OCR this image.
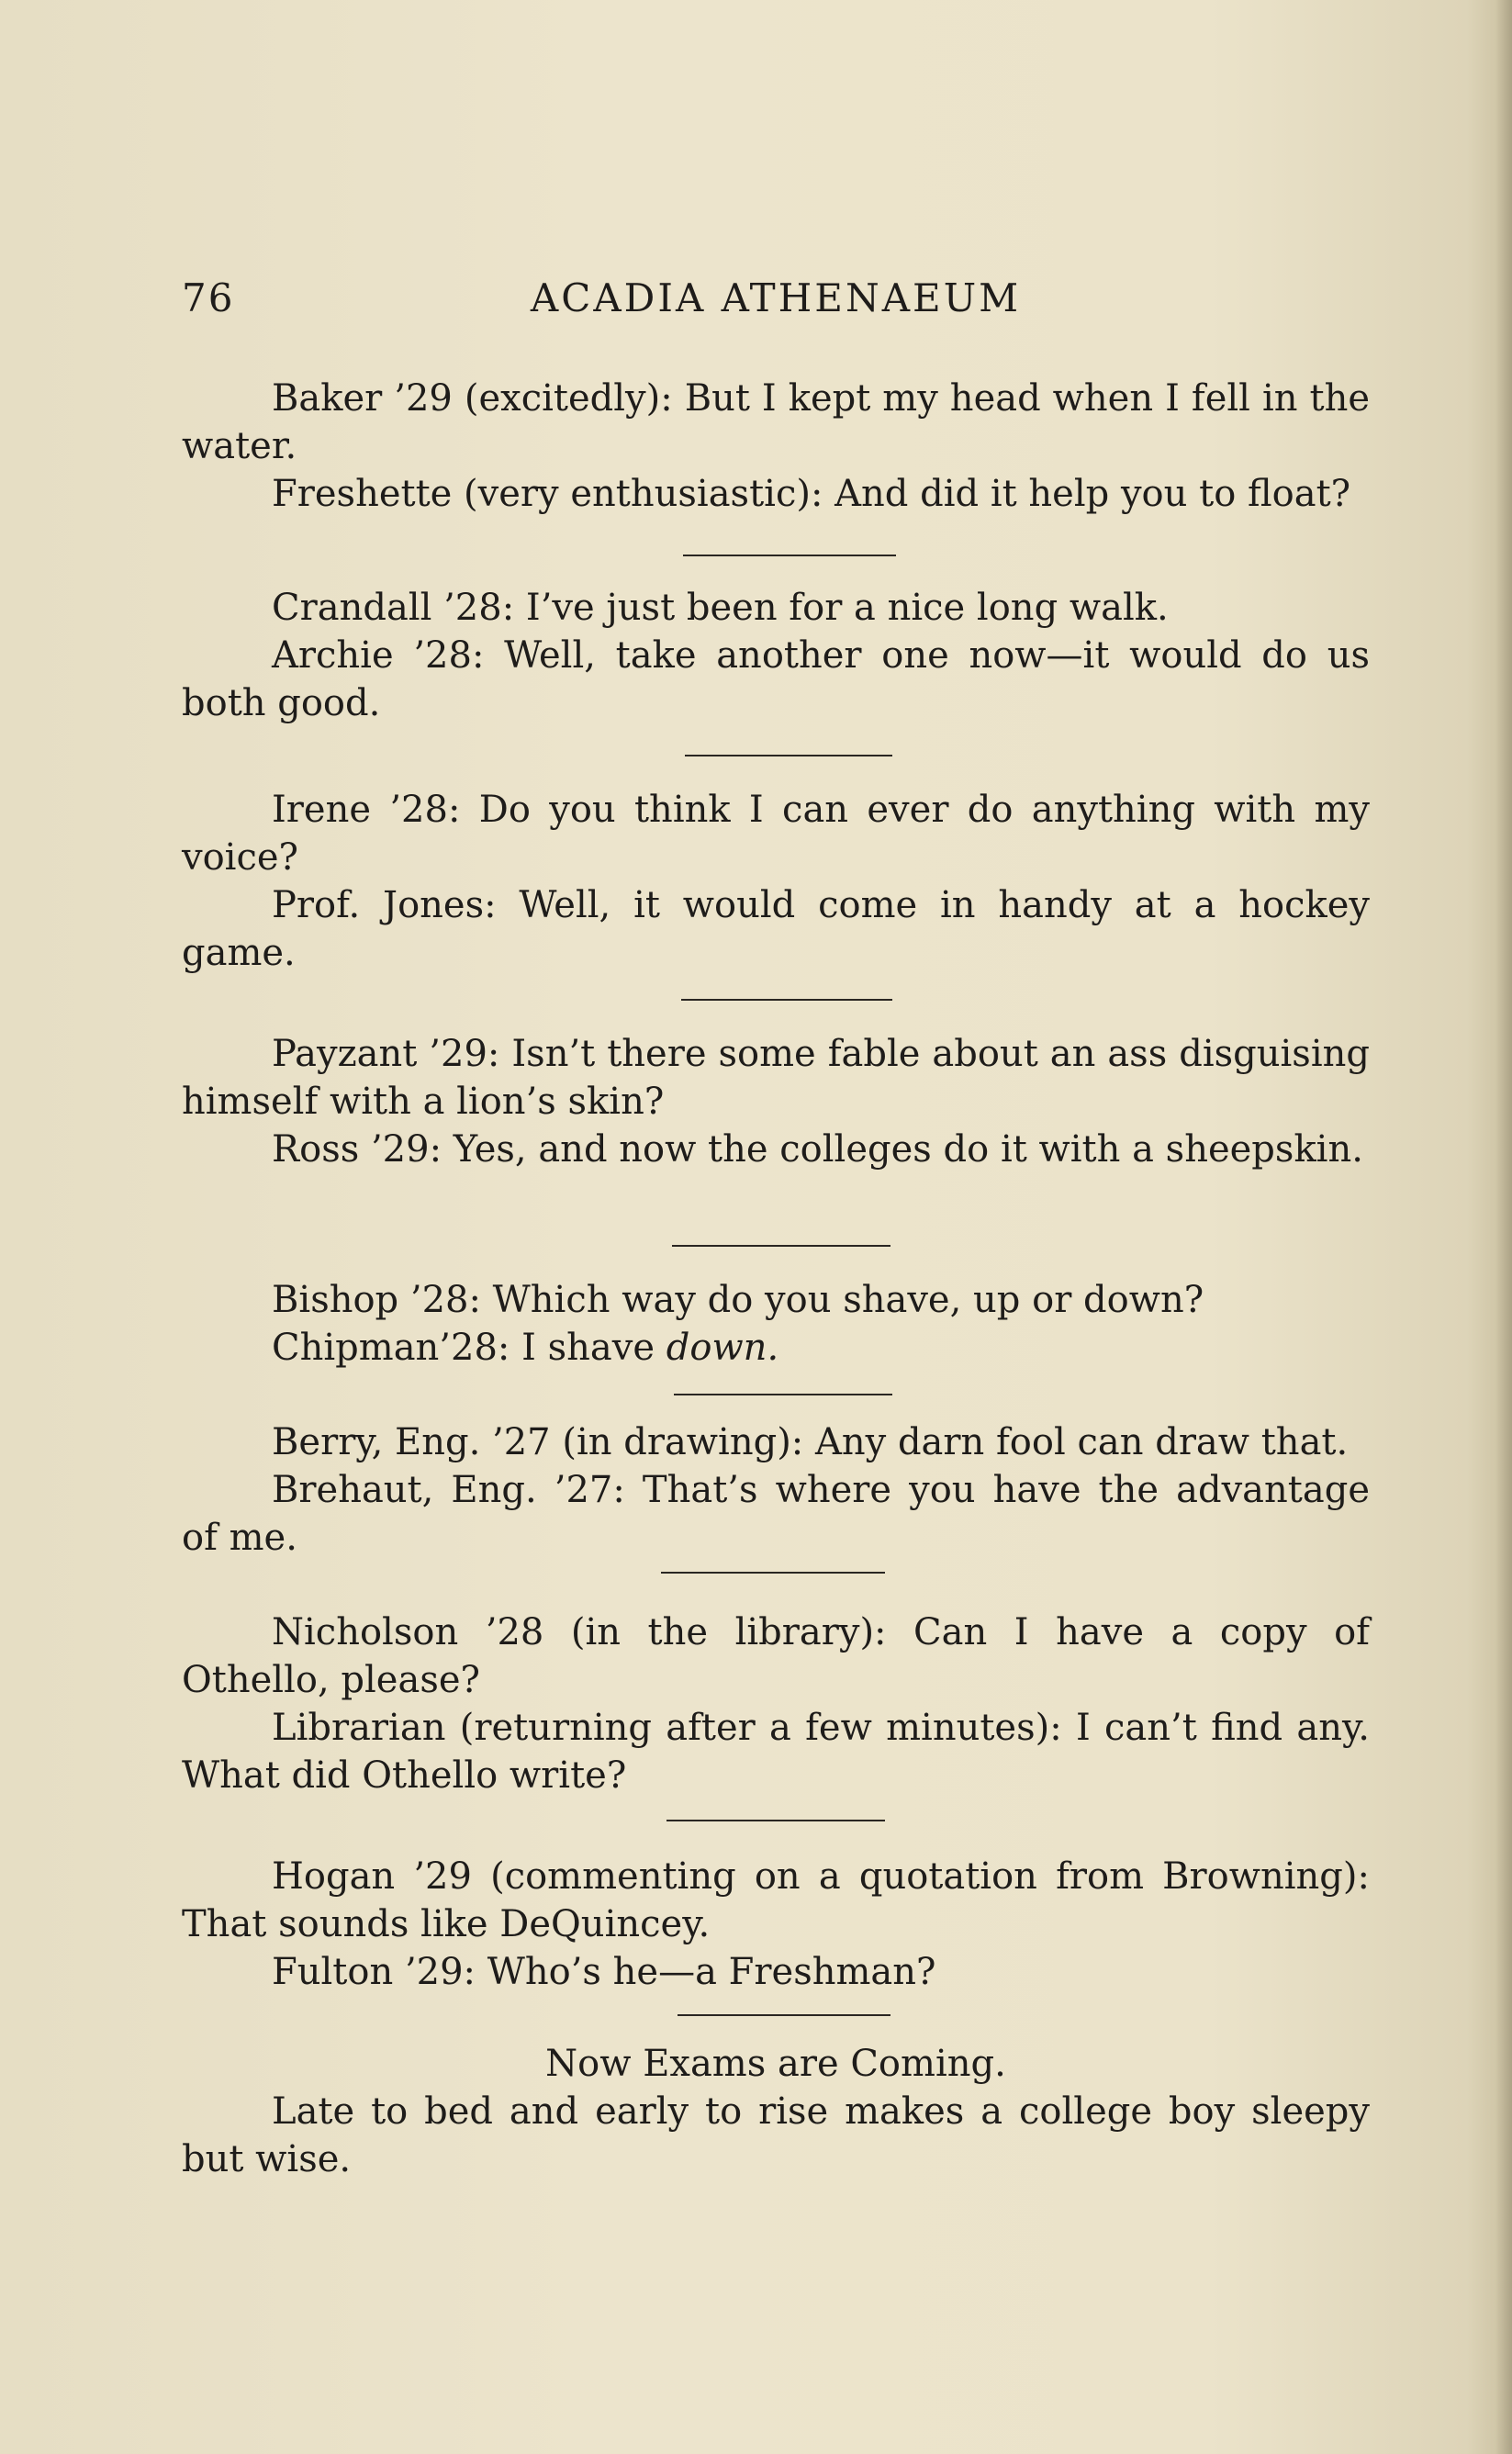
76	ACADIA ATHENAEUM

Baker ’29 (excitedly): But I kept my head when I fell in the water.

Freshette (very enthusiastic): And did it help you to float?

Crandall ’28: I’ve just been for a nice long walk.

Archie ’28: Well, take another one now—it would do us both good.

Irene ’28: Do you think I can ever do anything with my voice?

Prof. Jones: Well, it would come in handy at a hockey game.

Payzant ’29: Isn’t there some fable about an ass disguising himself with a lion’s skin?

Ross ’29: Yes, and now the colleges do it with a sheepskin.

Bishop ’28: Which way do you shave, up or down?

Chipman’28: I shave down.

Berry, Eng. ’27 (in drawing): Any darn fool can draw that.

Brehaut, Eng. ’27: That’s where you have the advantage of me.

Nicholson ’28 (in the library): Can I have a copy of Othello, please?

Librarian (returning after a few minutes): I can’t find any. What did Othello write?

Hogan ’29 (commenting on a quotation from Browning): That sounds like DeQuincey.

Fulton ’29: Who’s he—a Freshman?

Now Exams are Coming.

Late to bed and early to rise makes a college boy sleepy but wise.
